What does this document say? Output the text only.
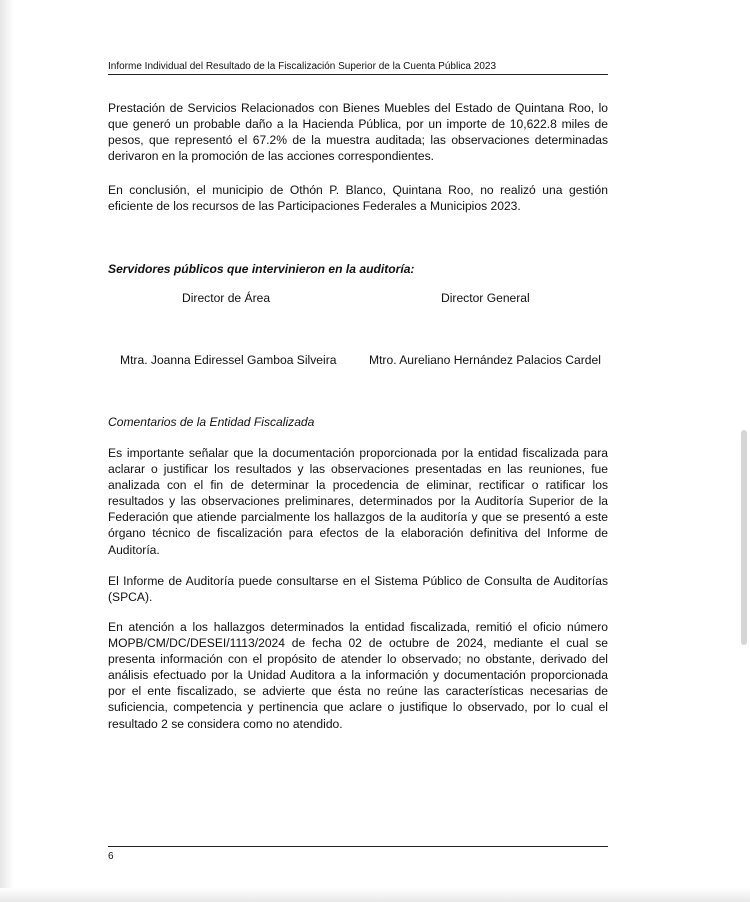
Informe Individual del Resultado de la Fiscalización Superior de la Cuenta Pública 2023

Prestación de Servicios Relacionados con Bienes Muebles del Estado de Quintana Roo, lo que generó un probable daño a la Hacienda Pública, por un importe de 10,622.8 miles de pesos, que representó el 67.2% de la muestra auditada; las observaciones determinadas derivaron en la promoción de las acciones correspondientes.

En conclusión, el municipio de Othón P. Blanco, Quintana Roo, no realizó una gestión eficiente de los recursos de las Participaciones Federales a Municipios 2023.

Servidores públicos que intervinieron en la auditoría:
Director de Área	Director General
Mtra. Joanna Ediressel Gamboa Silveira	Mtro. Aureliano Hernández Palacios Cardel
Comentarios de la Entidad Fiscalizada

Es importante señalar que la documentación proporcionada por la entidad fiscalizada para aclarar o justificar los resultados y las observaciones presentadas en las reuniones, fue analizada con el fin de determinar la procedencia de eliminar, rectificar o ratificar los resultados y las observaciones preliminares, determinados por la Auditoría Superior de la Federación que atiende parcialmente los hallazgos de la auditoría y que se presentó a este órgano técnico de fiscalización para efectos de la elaboración definitiva del Informe de Auditoría.

El Informe de Auditoría puede consultarse en el Sistema Público de Consulta de Auditorías (SPCA).

En atención a los hallazgos determinados la entidad fiscalizada, remitió el oficio número MOPB/CM/DC/DESEI/1113/2024 de fecha 02 de octubre de 2024, mediante el cual se presenta información con el propósito de atender lo observado; no obstante, derivado del análisis efectuado por la Unidad Auditora a la información y documentación proporcionada por el ente fiscalizado, se advierte que ésta no reúne las características necesarias de suficiencia, competencia y pertinencia que aclare o justifique lo observado, por lo cual el resultado 2 se considera como no atendido.

6
